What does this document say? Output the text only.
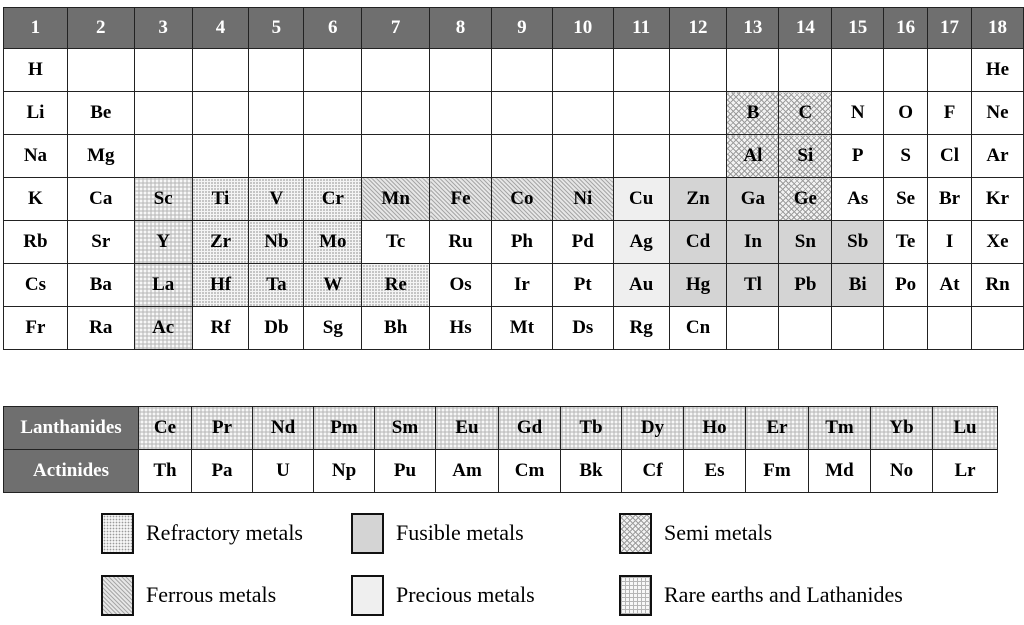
1	2	3	4	5	6	7	8	9	10	11	12	13	14	15	16	17	18
H																	He
Li	Be											B	C	N	O	F	Ne
Na	Mg											Al	Si	P	S	Cl	Ar
K	Ca	Sc	Ti	V	Cr	Mn	Fe	Co	Ni	Cu	Zn	Ga	Ge	As	Se	Br	Kr
Rb	Sr	Y	Zr	Nb	Mo	Tc	Ru	Ph	Pd	Ag	Cd	In	Sn	Sb	Te	I	Xe
Cs	Ba	La	Hf	Ta	W	Re	Os	Ir	Pt	Au	Hg	Tl	Pb	Bi	Po	At	Rn
Fr	Ra	Ac	Rf	Db	Sg	Bh	Hs	Mt	Ds	Rg	Cn						
Lanthanides	Ce	Pr	Nd	Pm	Sm	Eu	Gd	Tb	Dy	Ho	Er	Tm	Yb	Lu
Actinides	Th	Pa	U	Np	Pu	Am	Cm	Bk	Cf	Es	Fm	Md	No	Lr
Refractory metals	Fusible metals	Semi metals
Ferrous metals	Precious metals	Rare earths and Lathanides
